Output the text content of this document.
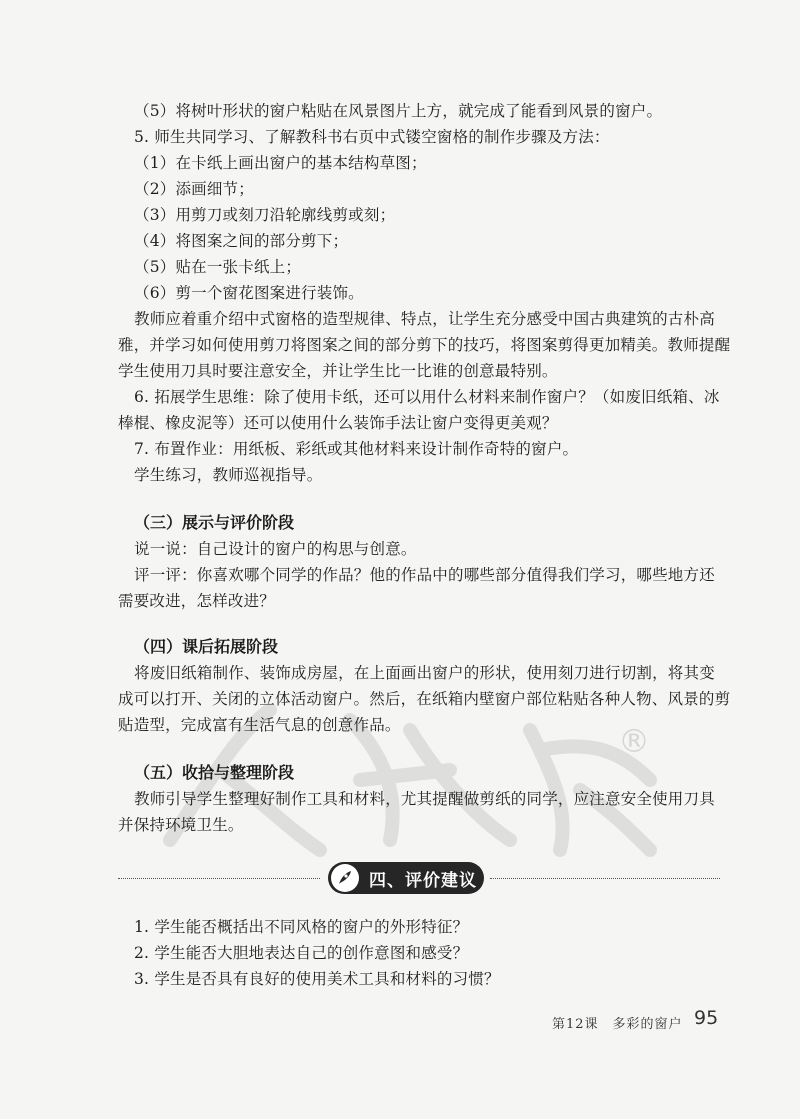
®
（5）将树叶形状的窗户粘贴在风景图片上方，就完成了能看到风景的窗户。
5. 师生共同学习、了解教科书右页中式镂空窗格的制作步骤及方法：
（1）在卡纸上画出窗户的基本结构草图；
（2）添画细节；
（3）用剪刀或刻刀沿轮廓线剪或刻；
（4）将图案之间的部分剪下；
（5）贴在一张卡纸上；
（6）剪一个窗花图案进行装饰。
教师应着重介绍中式窗格的造型规律、特点，让学生充分感受中国古典建筑的古朴高
雅，并学习如何使用剪刀将图案之间的部分剪下的技巧，将图案剪得更加精美。教师提醒
学生使用刀具时要注意安全，并让学生比一比谁的创意最特别。
6. 拓展学生思维：除了使用卡纸，还可以用什么材料来制作窗户？（如废旧纸箱、冰
棒棍、橡皮泥等）还可以使用什么装饰手法让窗户变得更美观？
7. 布置作业：用纸板、彩纸或其他材料来设计制作奇特的窗户。
学生练习，教师巡视指导。
（三）展示与评价阶段
说一说：自己设计的窗户的构思与创意。
评一评：你喜欢哪个同学的作品？他的作品中的哪些部分值得我们学习，哪些地方还
需要改进，怎样改进？
（四）课后拓展阶段
将废旧纸箱制作、装饰成房屋，在上面画出窗户的形状，使用刻刀进行切割，将其变
成可以打开、关闭的立体活动窗户。然后，在纸箱内壁窗户部位粘贴各种人物、风景的剪
贴造型，完成富有生活气息的创意作品。
（五）收拾与整理阶段
教师引导学生整理好制作工具和材料，尤其提醒做剪纸的同学，应注意安全使用刀具
并保持环境卫生。
四、评价建议
1. 学生能否概括出不同风格的窗户的外形特征？
2. 学生能否大胆地表达自己的创作意图和感受？
3. 学生是否具有良好的使用美术工具和材料的习惯？
第12课　多彩的窗户 95
